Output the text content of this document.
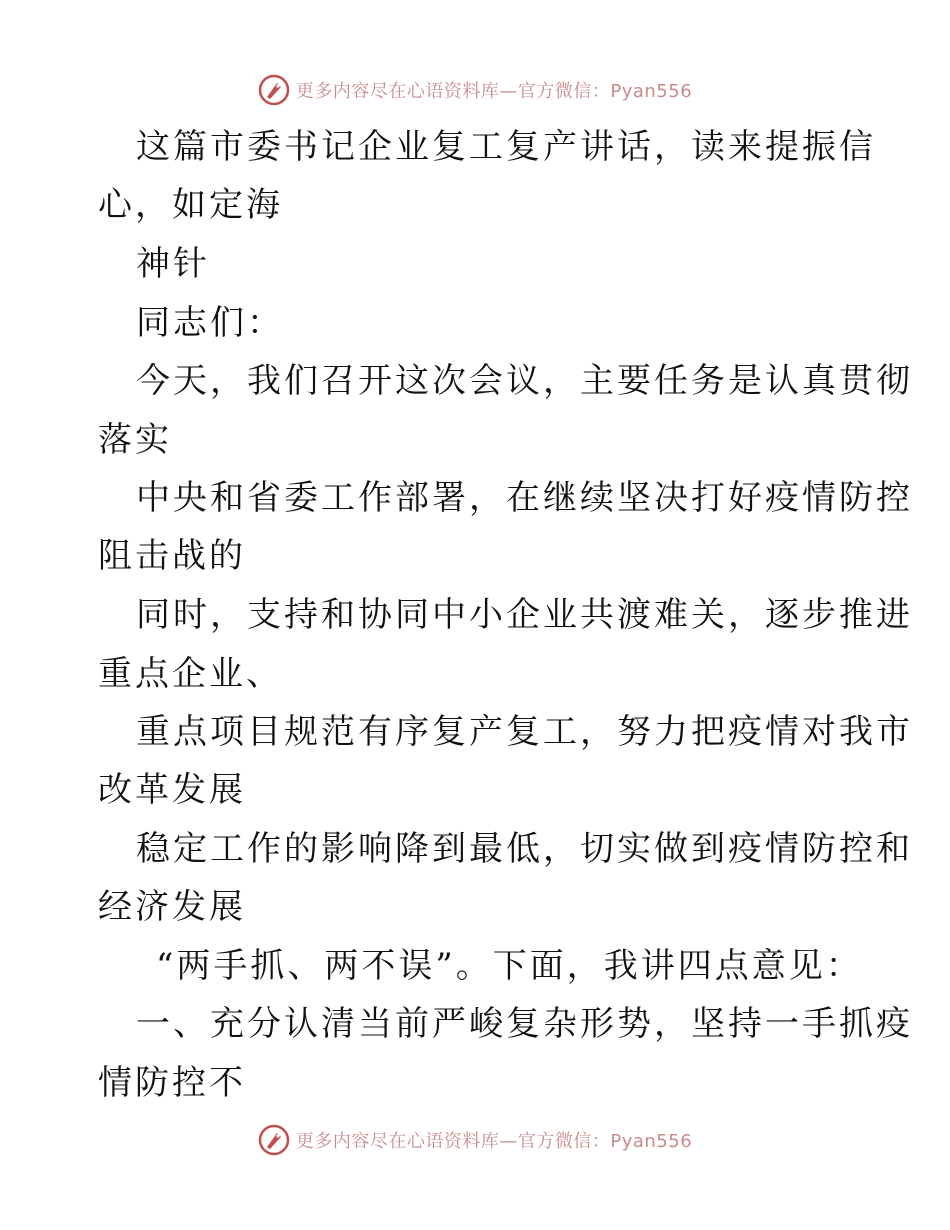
更多内容尽在心语资料库—官方微信：Pyan556
这篇市委书记企业复工复产讲话，读来提振信
心，如定海
神针
同志们：
今天，我们召开这次会议，主要任务是认真贯彻
落实
中央和省委工作部署，在继续坚决打好疫情防控
阻击战的
同时，支持和协同中小企业共渡难关，逐步推进
重点企业、
重点项目规范有序复产复工，努力把疫情对我市
改革发展
稳定工作的影响降到最低，切实做到疫情防控和
经济发展
“两手抓、两不误”。下面，我讲四点意见：
一、充分认清当前严峻复杂形势，坚持一手抓疫
情防控不
更多内容尽在心语资料库—官方微信：Pyan556
